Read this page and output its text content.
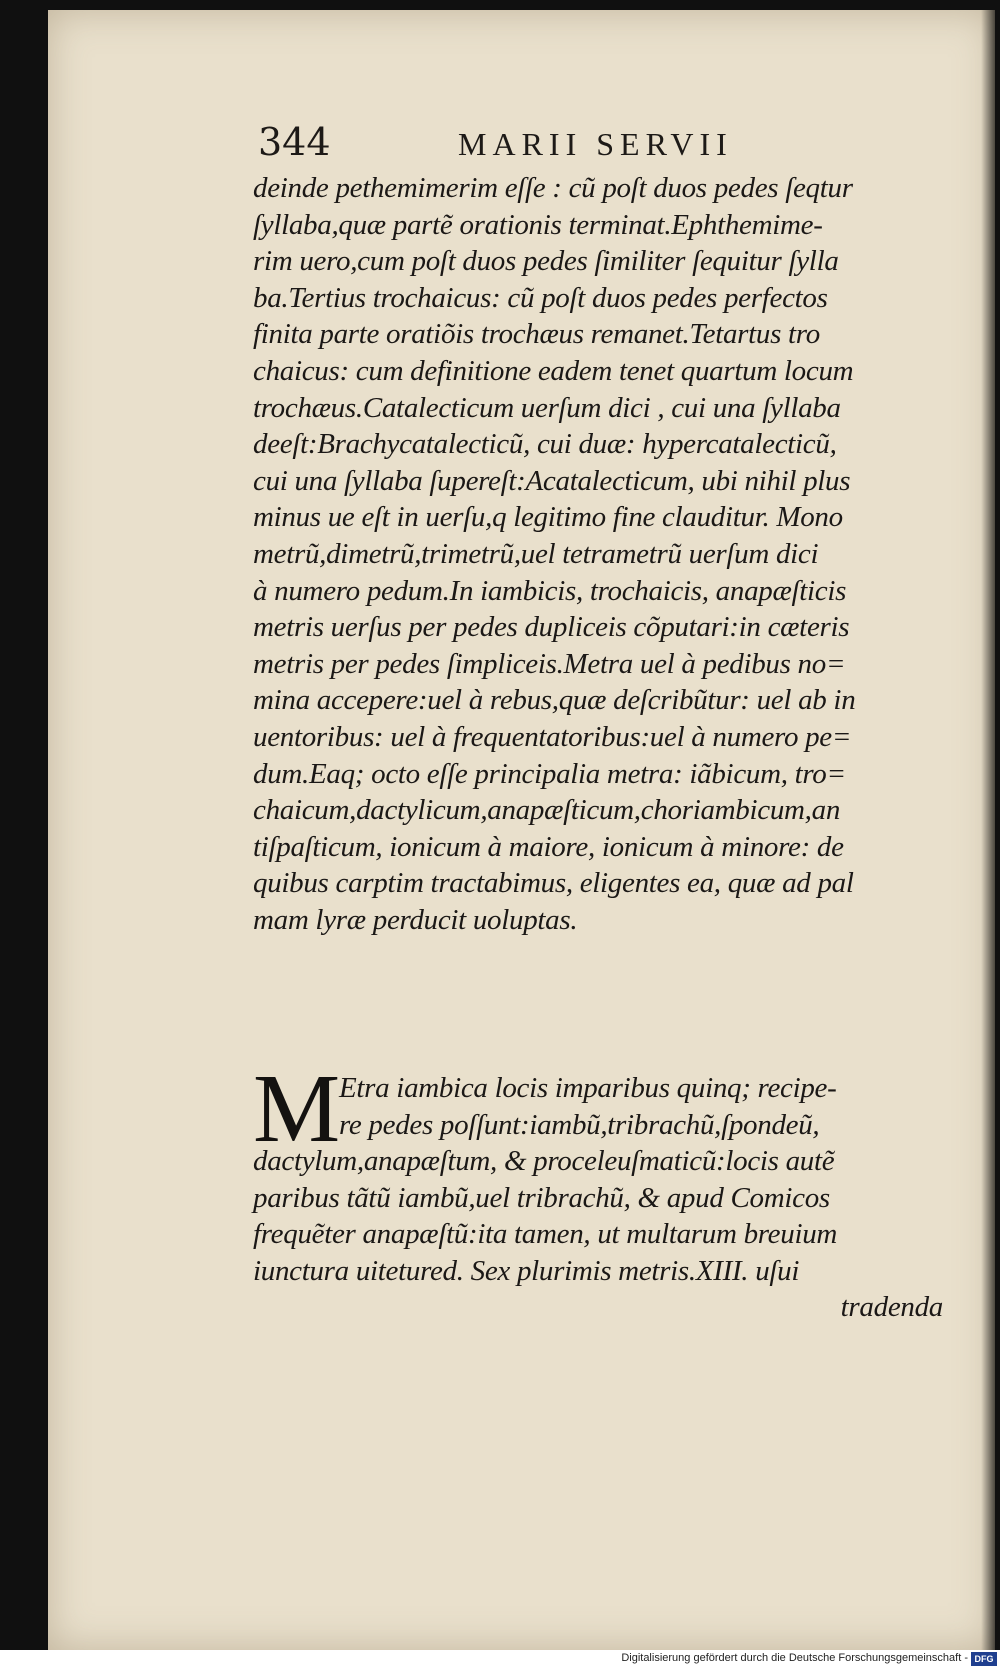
344	MARII SERVII
deinde pethemimerim eſſe : cũ poſt duos pedes ſeqtur
ſyllaba,quæ partẽ orationis terminat.Ephthemime-
rim uero,cum poſt duos pedes ſimiliter ſequitur ſylla
ba.Tertius trochaicus: cũ poſt duos pedes perfectos
finita parte oratiõis trochæus remanet.Tetartus tro
chaicus: cum definitione eadem tenet quartum locum
trochæus.Catalecticum uerſum dici , cui una ſyllaba
deeſt:Brachycatalecticũ, cui duæ: hypercatalecticũ,
cui una ſyllaba ſupereſt:Acatalecticum, ubi nihil plus
minus ue eſt in uerſu,q legitimo fine clauditur. Mono
metrũ,dimetrũ,trimetrũ,uel tetrametrũ uerſum dici
à numero pedum.In iambicis, trochaicis, anapæſticis
metris uerſus per pedes dupliceis cõputari:in cæteris
metris per pedes ſimpliceis.Metra uel à pedibus no=
mina accepere:uel à rebus,quæ deſcribũtur: uel ab in
uentoribus: uel à frequentatoribus:uel à numero pe=
dum.Eaq; octo eſſe principalia metra: iãbicum, tro=
chaicum,dactylicum,anapæſticum,choriambicum,an
tiſpaſticum, ionicum à maiore, ionicum à minore: de
quibus carptim tractabimus, eligentes ea, quæ ad pal
mam lyræ perducit uoluptas.
M
Etra iambica locis imparibus quinq; recipe-
re pedes poſſunt:iambũ,tribrachũ,ſpondeũ,
dactylum,anapæſtum, & proceleuſmaticũ:locis autẽ
paribus tãtũ iambũ,uel tribrachũ, & apud Comicos
frequẽter anapæſtũ:ita tamen, ut multarum breuium
iunctura uitetured. Sex plurimis metris.XIII. uſui
tradenda
Digitalisierung gefördert durch die Deutsche Forschungsgemeinschaft - DFG
